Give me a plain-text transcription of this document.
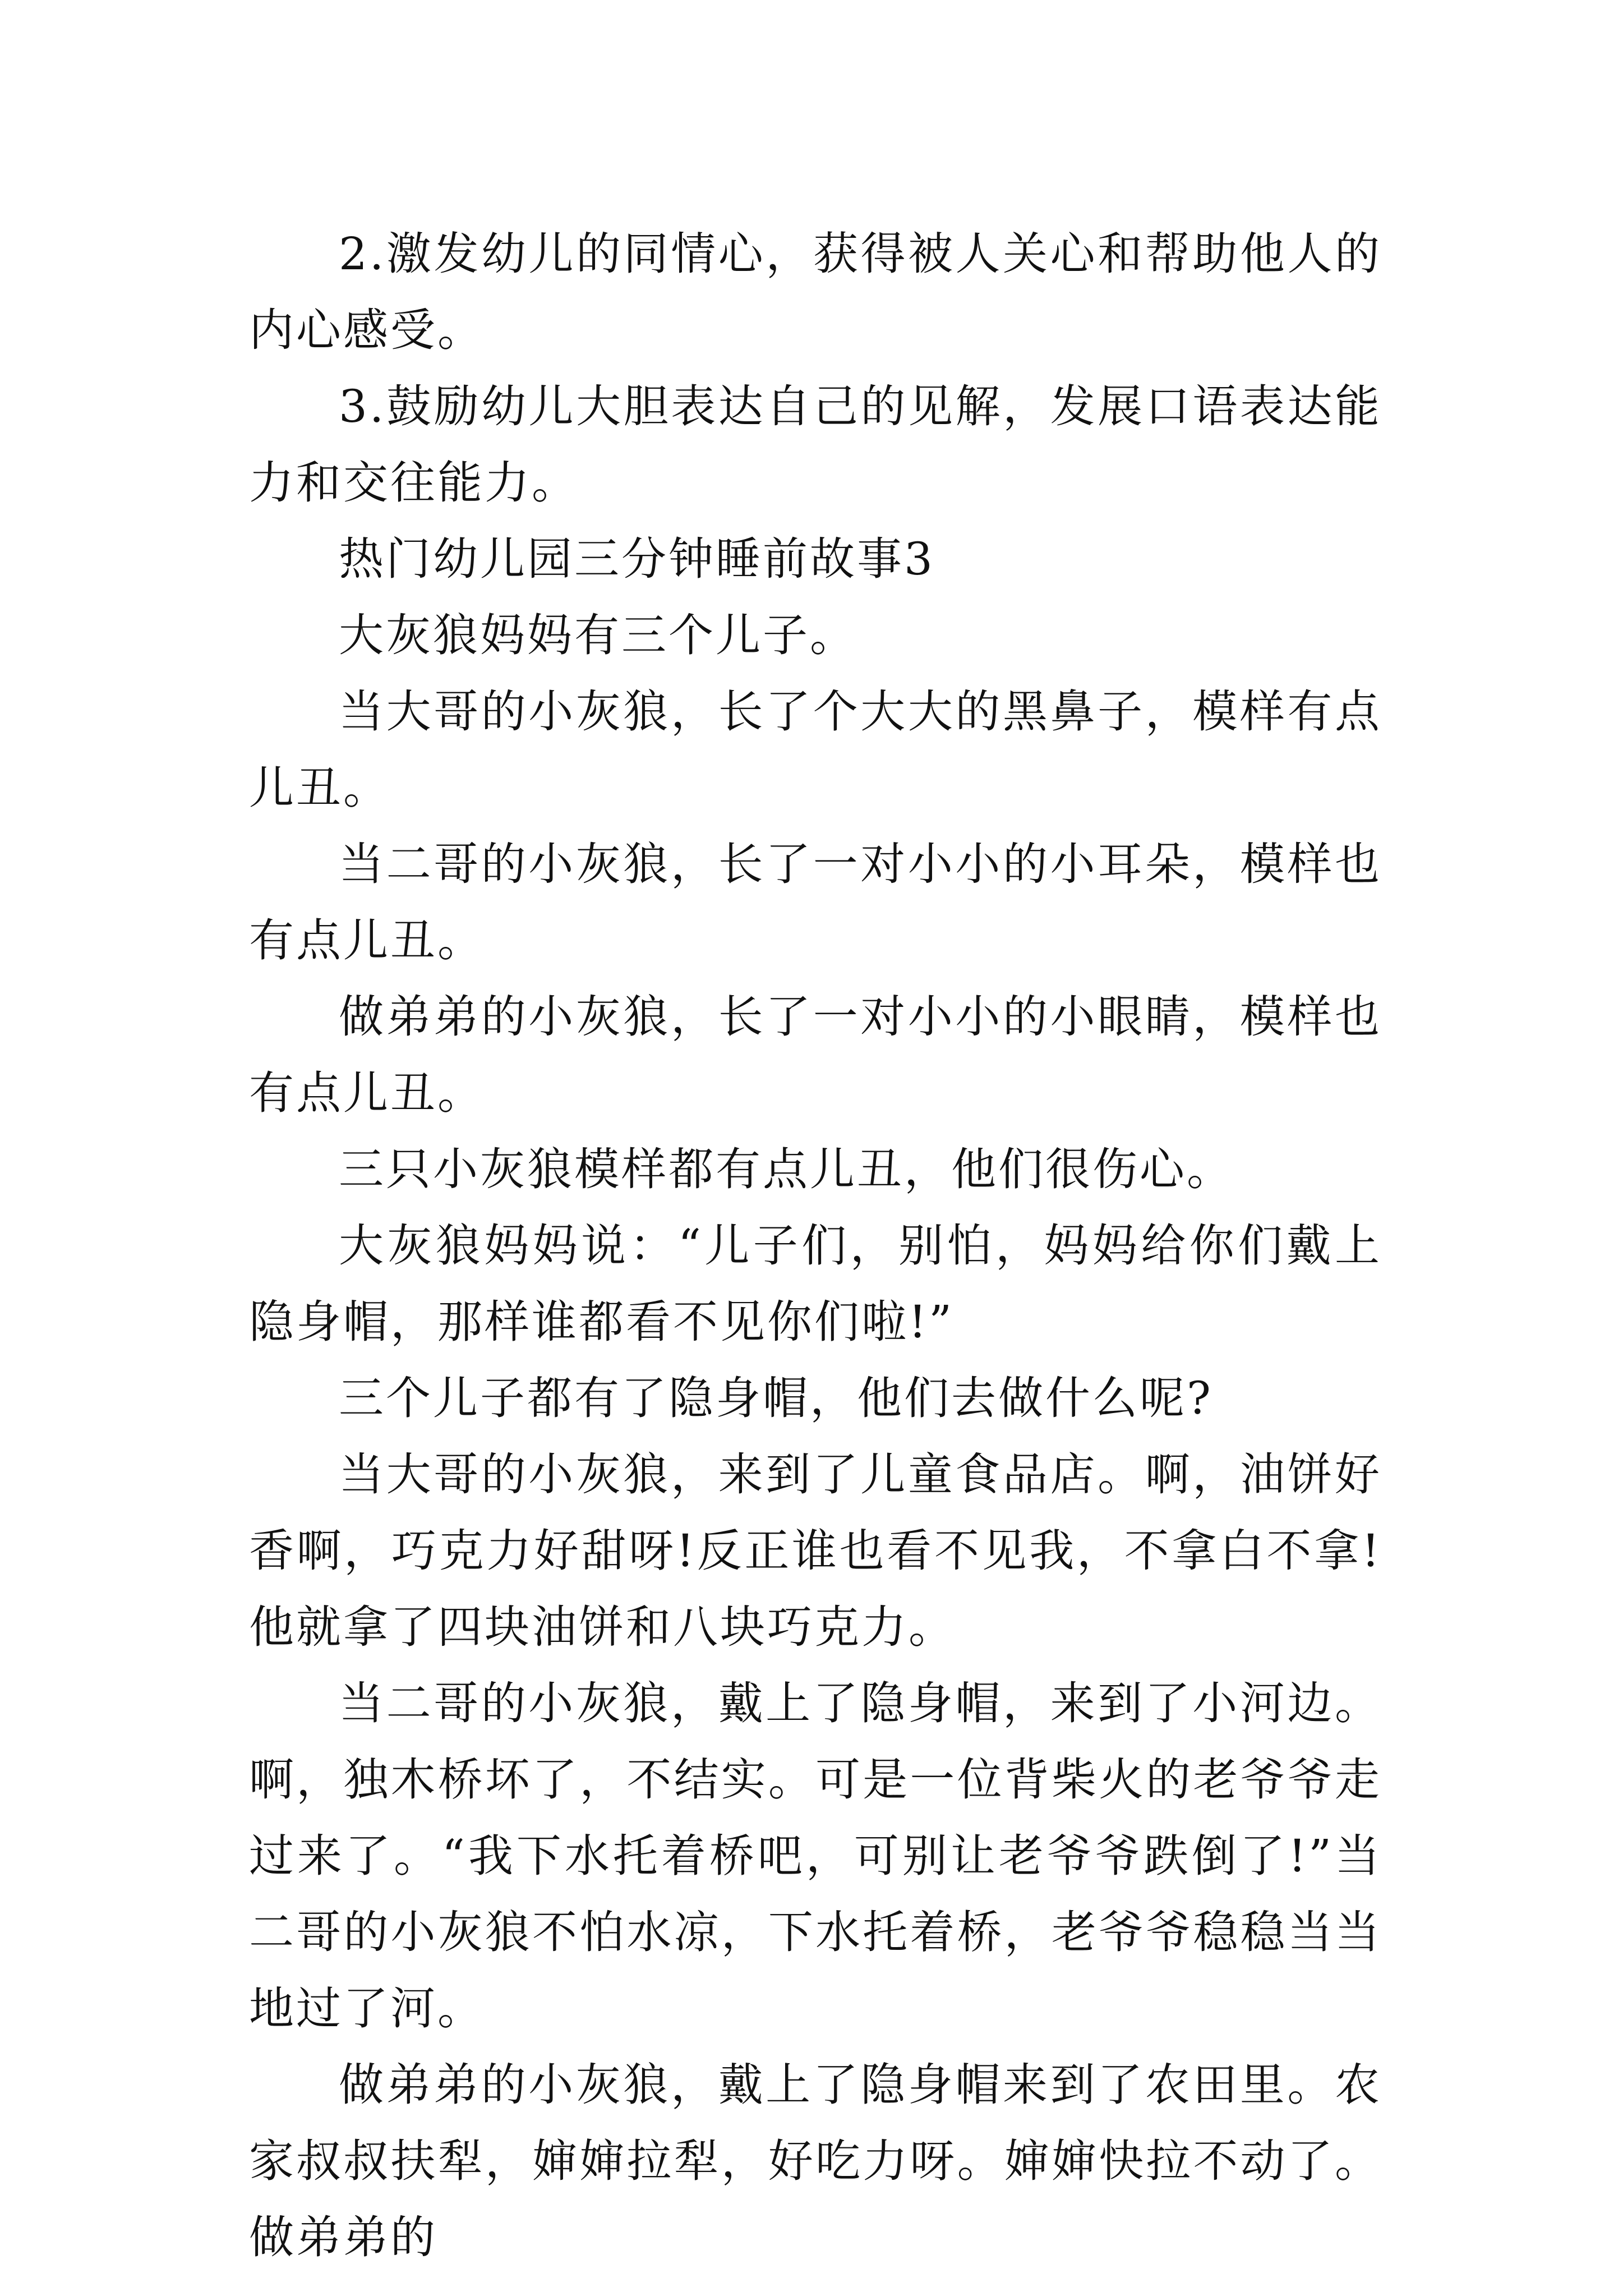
2.激发幼儿的同情心，获得被人关心和帮助他人的内心感受。

3.鼓励幼儿大胆表达自己的见解，发展口语表达能力和交往能力。

热门幼儿园三分钟睡前故事3

大灰狼妈妈有三个儿子。

当大哥的小灰狼，长了个大大的黑鼻子，模样有点儿丑。

当二哥的小灰狼，长了一对小小的小耳朵，模样也有点儿丑。

做弟弟的小灰狼，长了一对小小的小眼睛，模样也有点儿丑。

三只小灰狼模样都有点儿丑，他们很伤心。

大灰狼妈妈说：“儿子们，别怕，妈妈给你们戴上隐身帽，那样谁都看不见你们啦!”

三个儿子都有了隐身帽，他们去做什么呢?

当大哥的小灰狼，来到了儿童食品店。啊，油饼好香啊，巧克力好甜呀!反正谁也看不见我，不拿白不拿!他就拿了四块油饼和八块巧克力。

当二哥的小灰狼，戴上了隐身帽，来到了小河边。啊，独木桥坏了，不结实。可是一位背柴火的老爷爷走过来了。“我下水托着桥吧，可别让老爷爷跌倒了!”当二哥的小灰狼不怕水凉，下水托着桥，老爷爷稳稳当当地过了河。

做弟弟的小灰狼，戴上了隐身帽来到了农田里。农家叔叔扶犁，婶婶拉犁，好吃力呀。婶婶快拉不动了。做弟弟的
